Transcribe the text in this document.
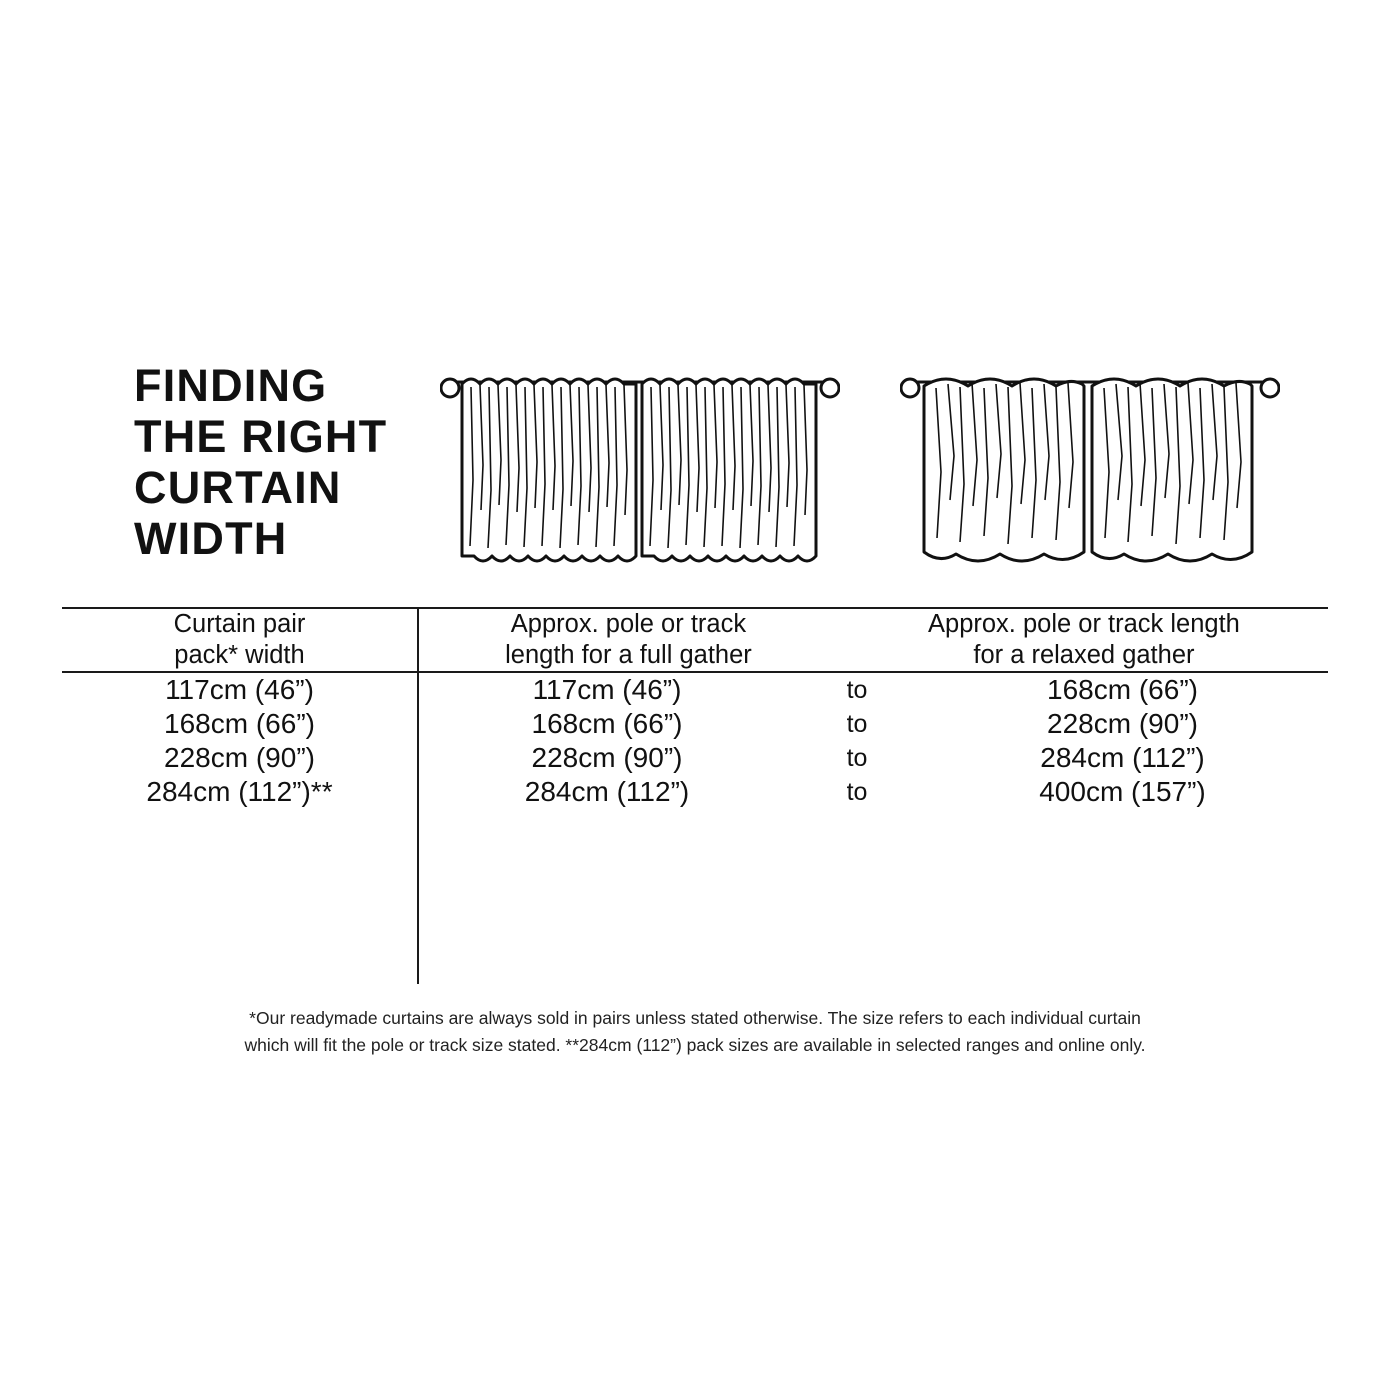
FINDING
THE RIGHT
CURTAIN
WIDTH
Curtain pair
pack* width

Approx. pole or track
length for a full gather
Approx. pole or track length
for a relaxed gather

117cm (46”)	117cm (46”)	to	168cm (66”)
168cm (66”)	168cm (66”)	to	228cm (90”)
228cm (90”)	228cm (90”)	to	284cm (112”)
284cm (112”)**	284cm (112”)	to	400cm (157”)

*Our readymade curtains are always sold in pairs unless stated otherwise. The size refers to each individual curtain
which will fit the pole or track size stated. **284cm (112”) pack sizes are available in selected ranges and online only.
